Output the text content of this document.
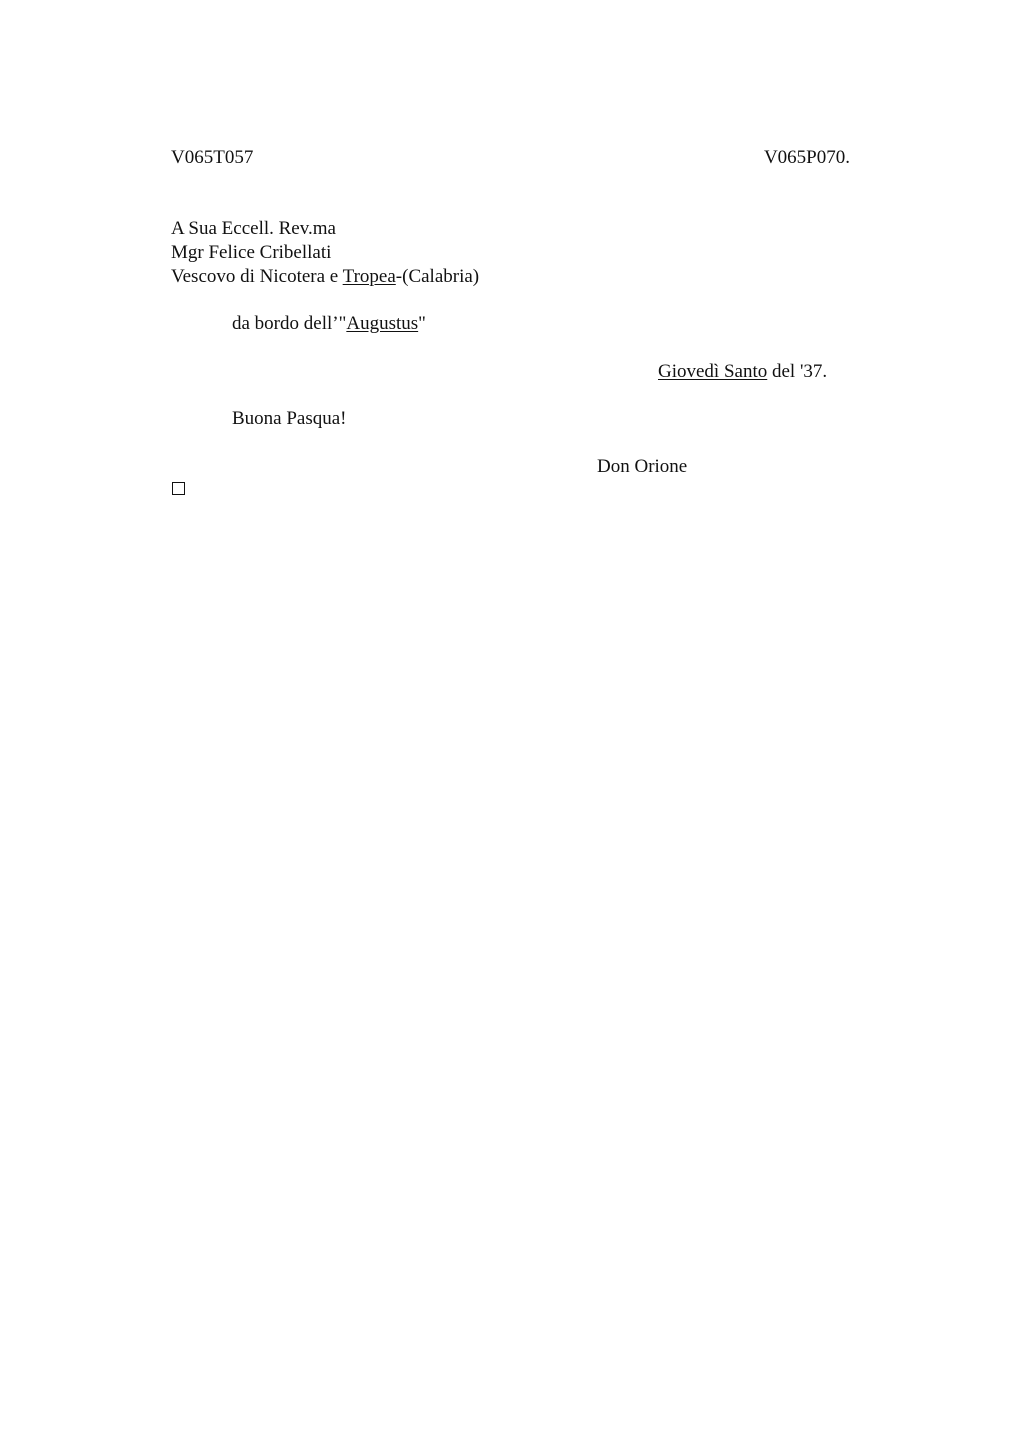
V065T057	V065P070.
A Sua Eccell. Rev.ma
Mgr Felice Cribellati
Vescovo di Nicotera e Tropea-(Calabria)
da bordo dell’"Augustus"
Giovedì Santo del '37.
Buona Pasqua!
Don Orione
